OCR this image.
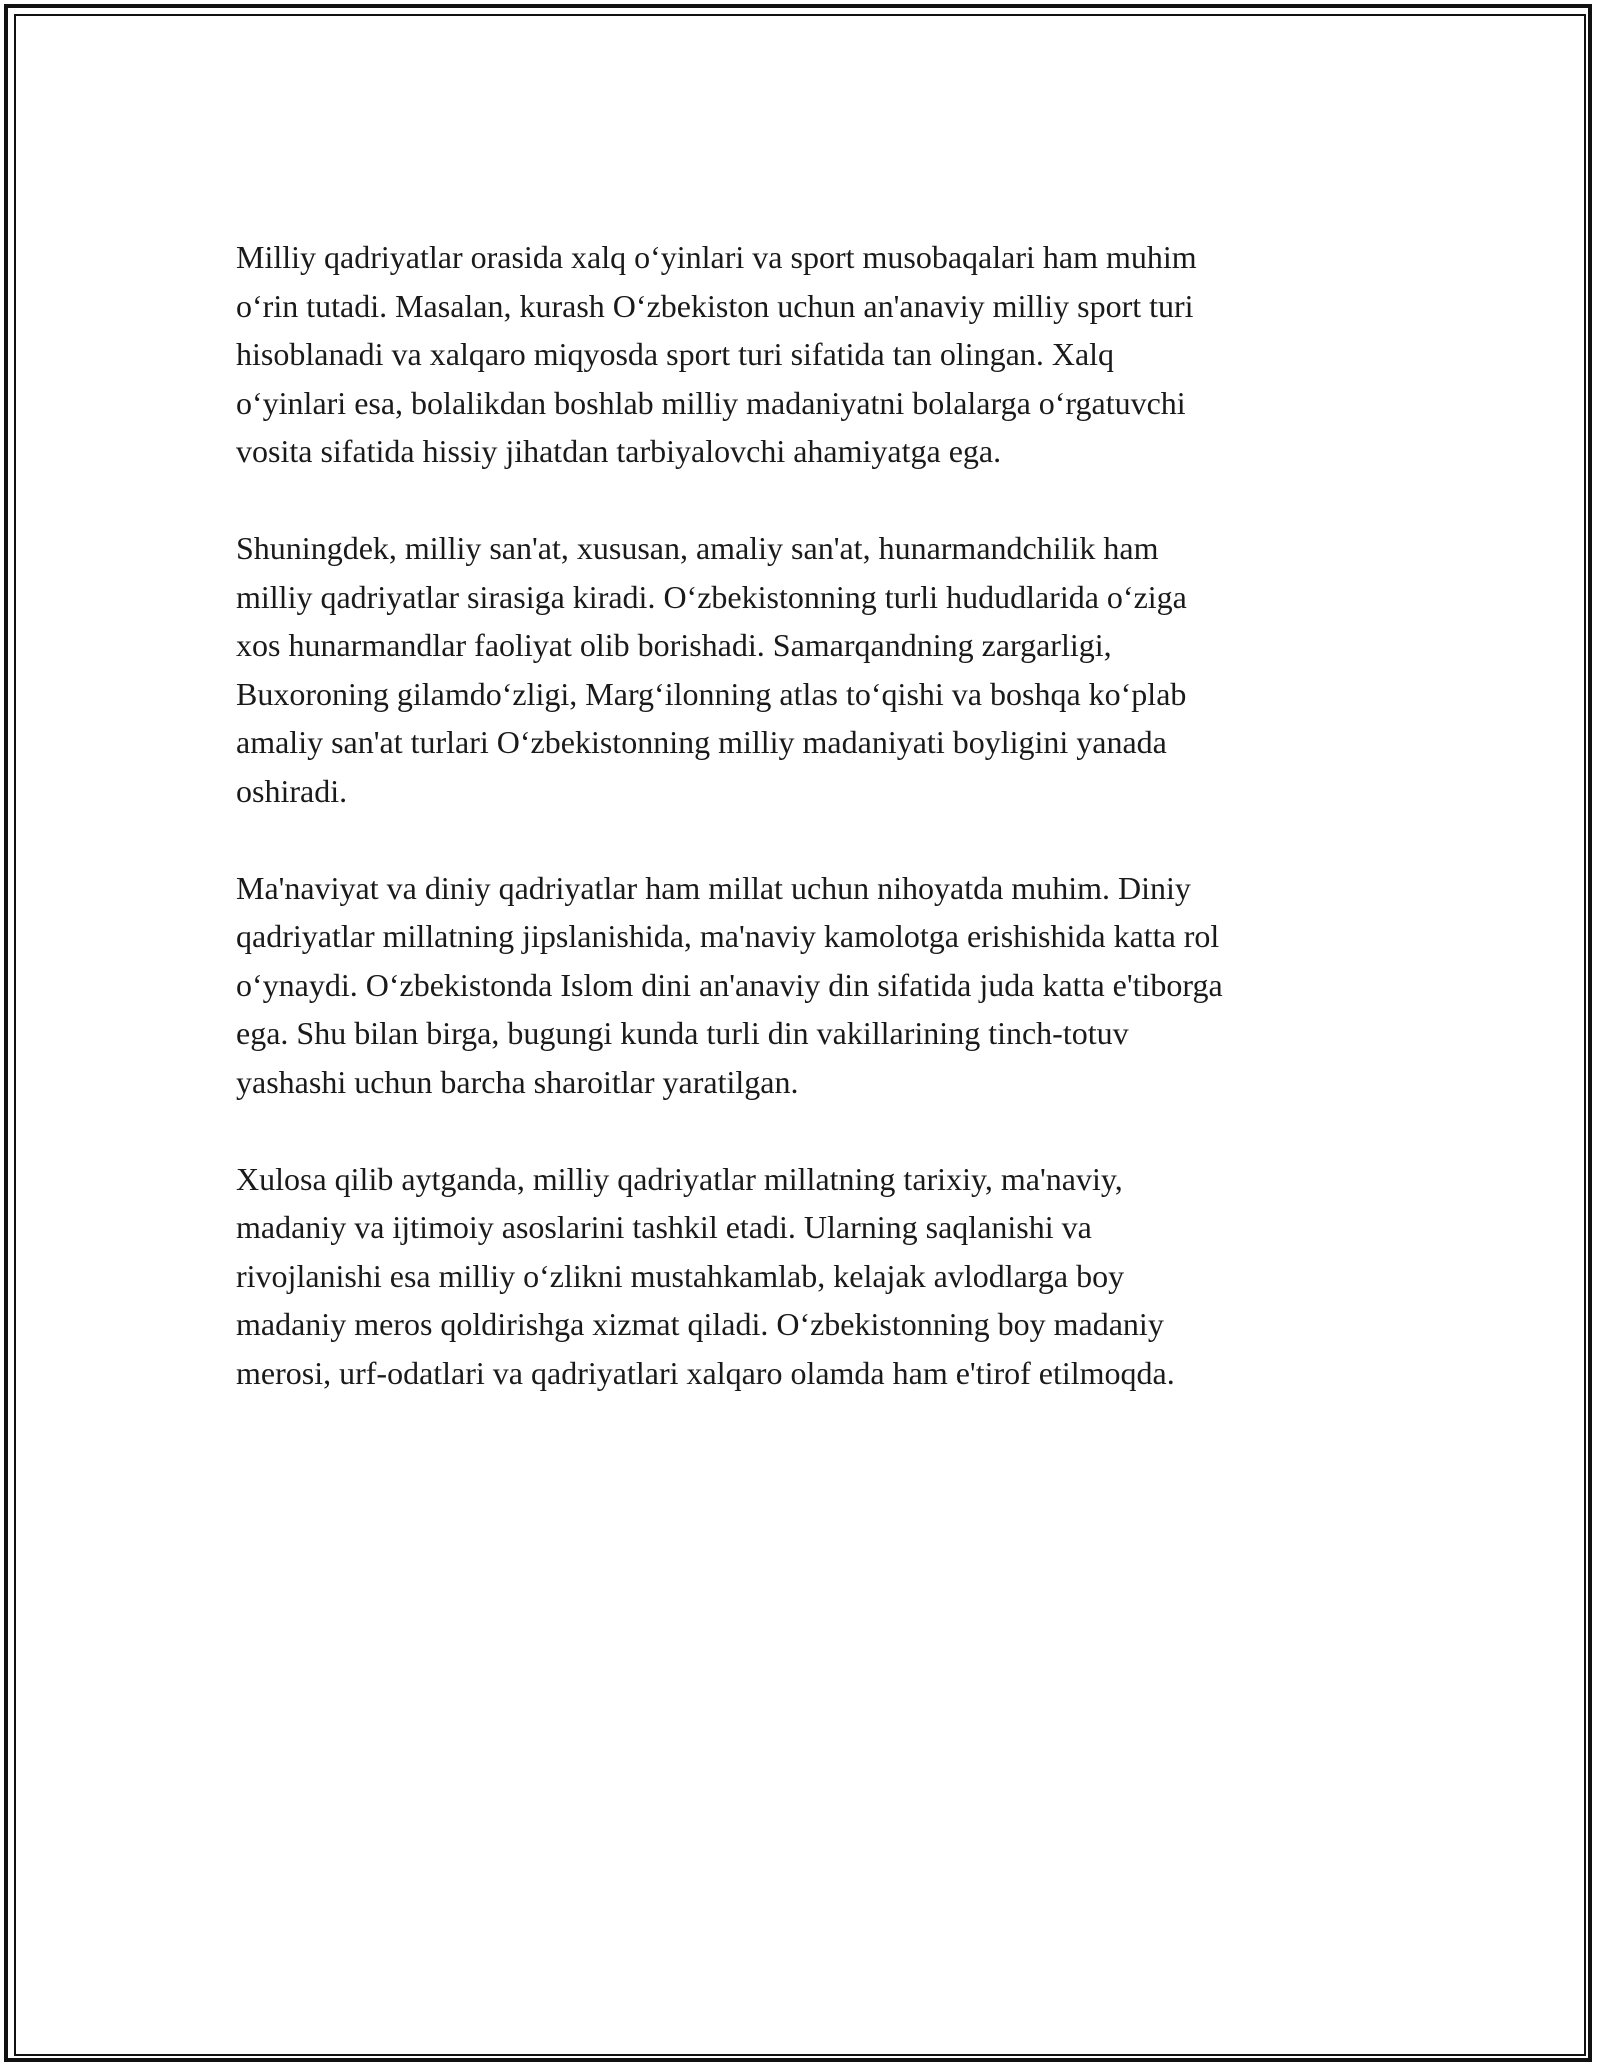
Milliy qadriyatlar orasida xalq o‘yinlari va sport musobaqalari ham muhim
o‘rin tutadi. Masalan, kurash O‘zbekiston uchun an'anaviy milliy sport turi
hisoblanadi va xalqaro miqyosda sport turi sifatida tan olingan. Xalq
o‘yinlari esa, bolalikdan boshlab milliy madaniyatni bolalarga o‘rgatuvchi
vosita sifatida hissiy jihatdan tarbiyalovchi ahamiyatga ega.

Shuningdek, milliy san'at, xususan, amaliy san'at, hunarmandchilik ham
milliy qadriyatlar sirasiga kiradi. O‘zbekistonning turli hududlarida o‘ziga
xos hunarmandlar faoliyat olib borishadi. Samarqandning zargarligi,
Buxoroning gilamdo‘zligi, Marg‘ilonning atlas to‘qishi va boshqa ko‘plab
amaliy san'at turlari O‘zbekistonning milliy madaniyati boyligini yanada
oshiradi.

Ma'naviyat va diniy qadriyatlar ham millat uchun nihoyatda muhim. Diniy
qadriyatlar millatning jipslanishida, ma'naviy kamolotga erishishida katta rol
o‘ynaydi. O‘zbekistonda Islom dini an'anaviy din sifatida juda katta e'tiborga
ega. Shu bilan birga, bugungi kunda turli din vakillarining tinch-totuv
yashashi uchun barcha sharoitlar yaratilgan.

Xulosa qilib aytganda, milliy qadriyatlar millatning tarixiy, ma'naviy,
madaniy va ijtimoiy asoslarini tashkil etadi. Ularning saqlanishi va
rivojlanishi esa milliy o‘zlikni mustahkamlab, kelajak avlodlarga boy
madaniy meros qoldirishga xizmat qiladi. O‘zbekistonning boy madaniy
merosi, urf-odatlari va qadriyatlari xalqaro olamda ham e'tirof etilmoqda.
